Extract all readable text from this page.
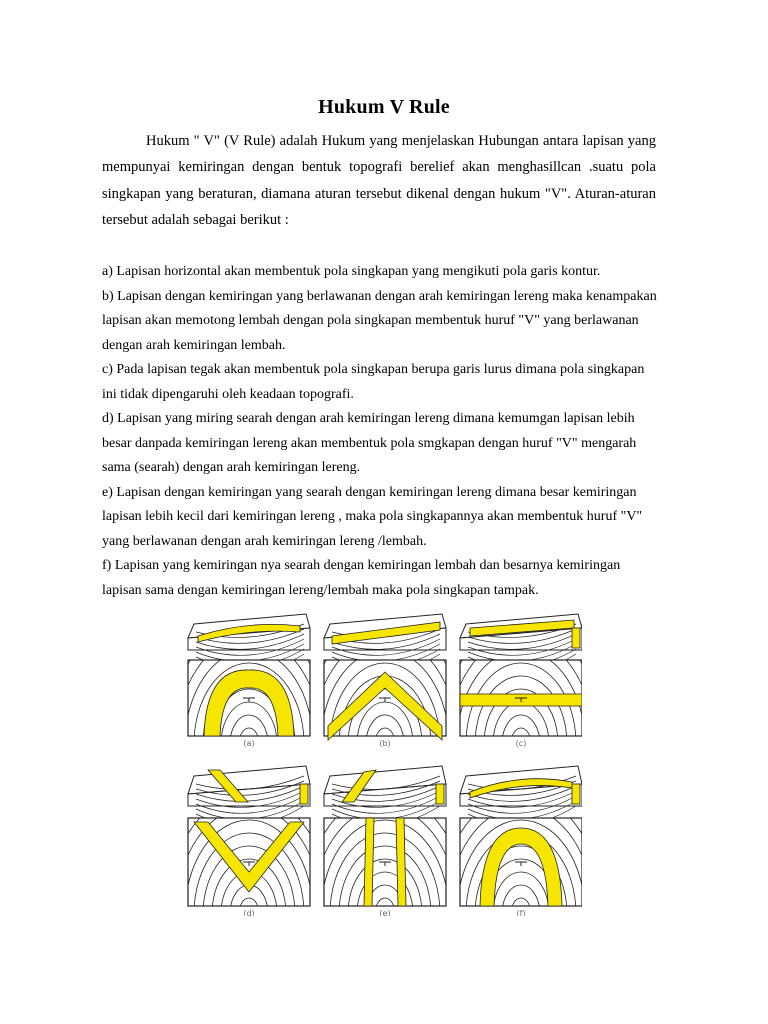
Hukum V Rule

Hukum " V" (V Rule) adalah Hukum yang menjelaskan Hubungan antara lapisan yang mempunyai kemiringan dengan bentuk topografi berelief akan menghasillcan .suatu pola singkapan yang beraturan, diamana aturan tersebut dikenal dengan hukum "V". Aturan-aturan tersebut adalah sebagai berikut :

a) Lapisan horizontal akan membentuk pola singkapan yang mengikuti pola garis kontur.
b) Lapisan dengan kemiringan yang berlawanan dengan arah kemiringan lereng maka kenampakan lapisan akan memotong lembah dengan pola singkapan membentuk huruf "V" yang berlawanan dengan arah kemiringan lembah.
c) Pada lapisan tegak akan membentuk pola singkapan berupa garis lurus dimana pola singkapan ini tidak dipengaruhi oleh keadaan topografi.
d) Lapisan yang miring searah dengan arah kemiringan lereng dimana kemumgan lapisan lebih besar danpada kemiringan lereng akan membentuk pola smgkapan dengan huruf "V" mengarah sama (searah) dengan arah kemiringan lereng.
e) Lapisan dengan kemiringan yang searah dengan kemiringan lereng dimana besar kemiringan lapisan lebih kecil dari kemiringan lereng , maka pola singkapannya akan membentuk huruf "V" yang berlawanan dengan arah kemiringan lereng /lembah.
f) Lapisan yang kemiringan nya searah dengan kemiringan lembah dan besarnya kemiringan lapisan sama dengan kemiringan lereng/lembah maka pola singkapan tampak.
(a)	(b)	(c)
(d)	(e)	(f)
